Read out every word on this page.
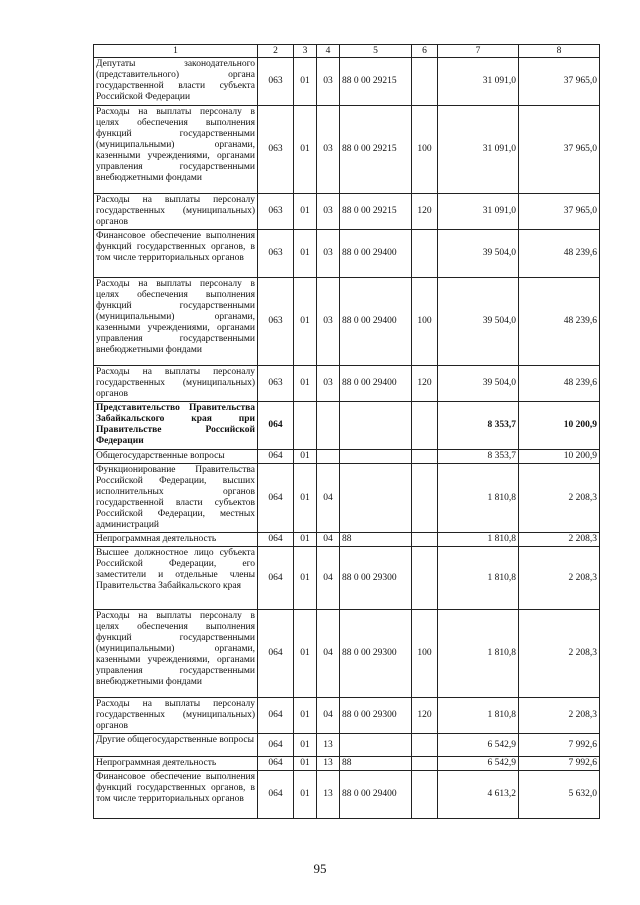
1	2	3	4	5	6	7	8
Депутаты законодательного (представительного) органа государственной власти субъекта Российской Федерации	063	01	03	88 0 00 29215		31 091,0	37 965,0
Расходы на выплаты персоналу в целях обеспечения выполнения функций государственными (муниципальными) органами, казенными учреждениями, органами управления государственными внебюджетными фондами	063	01	03	88 0 00 29215	100	31 091,0	37 965,0
Расходы на выплаты персоналу государственных (муниципальных) органов	063	01	03	88 0 00 29215	120	31 091,0	37 965,0
Финансовое обеспечение выполнения функций государственных органов, в том числе территориальных органов	063	01	03	88 0 00 29400		39 504,0	48 239,6
Расходы на выплаты персоналу в целях обеспечения выполнения функций государственными (муниципальными) органами, казенными учреждениями, органами управления государственными внебюджетными фондами	063	01	03	88 0 00 29400	100	39 504,0	48 239,6
Расходы на выплаты персоналу государственных (муниципальных) органов	063	01	03	88 0 00 29400	120	39 504,0	48 239,6
Представительство Правительства Забайкальского края при Правительстве Российской Федерации	064					8 353,7	10 200,9
Общегосударственные вопросы	064	01				8 353,7	10 200,9
Функционирование Правительства Российской Федерации, высших исполнительных органов государственной власти субъектов Российской Федерации, местных администраций	064	01	04			1 810,8	2 208,3
Непрограммная деятельность	064	01	04	88		1 810,8	2 208,3
Высшее должностное лицо субъекта Российской Федерации, его заместители и отдельные члены Правительства Забайкальского края	064	01	04	88 0 00 29300		1 810,8	2 208,3
Расходы на выплаты персоналу в целях обеспечения выполнения функций государственными (муниципальными) органами, казенными учреждениями, органами управления государственными внебюджетными фондами	064	01	04	88 0 00 29300	100	1 810,8	2 208,3
Расходы на выплаты персоналу государственных (муниципальных) органов	064	01	04	88 0 00 29300	120	1 810,8	2 208,3
Другие общегосударственные вопросы	064	01	13			6 542,9	7 992,6
Непрограммная деятельность	064	01	13	88		6 542,9	7 992,6
Финансовое обеспечение выполнения функций государственных органов, в том числе территориальных органов	064	01	13	88 0 00 29400		4 613,2	5 632,0
95
